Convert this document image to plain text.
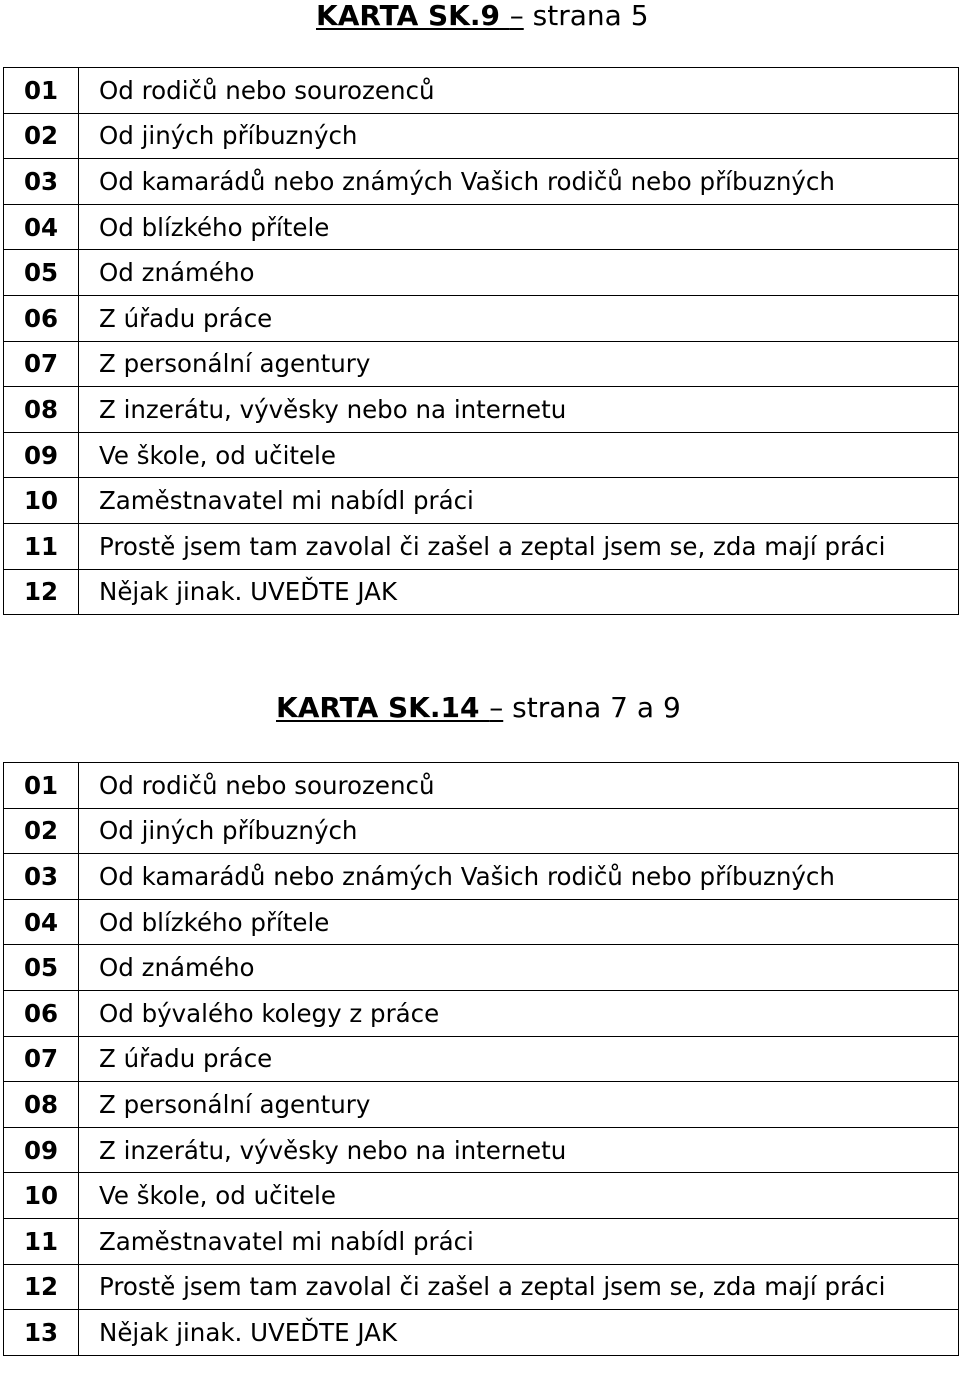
KARTA SK.9 – strana 5
01	Od rodičů nebo sourozenců
02	Od jiných příbuzných
03	Od kamarádů nebo známých Vašich rodičů nebo příbuzných
04	Od blízkého přítele
05	Od známého
06	Z úřadu práce
07	Z personální agentury
08	Z inzerátu, vývěsky nebo na internetu
09	Ve škole, od učitele
10	Zaměstnavatel mi nabídl práci
11	Prostě jsem tam zavolal či zašel a zeptal jsem se, zda mají práci
12	Nějak jinak. UVEĎTE JAK
KARTA SK.14 – strana 7 a 9
01	Od rodičů nebo sourozenců
02	Od jiných příbuzných
03	Od kamarádů nebo známých Vašich rodičů nebo příbuzných
04	Od blízkého přítele
05	Od známého
06	Od bývalého kolegy z práce
07	Z úřadu práce
08	Z personální agentury
09	Z inzerátu, vývěsky nebo na internetu
10	Ve škole, od učitele
11	Zaměstnavatel mi nabídl práci
12	Prostě jsem tam zavolal či zašel a zeptal jsem se, zda mají práci
13	Nějak jinak. UVEĎTE JAK
